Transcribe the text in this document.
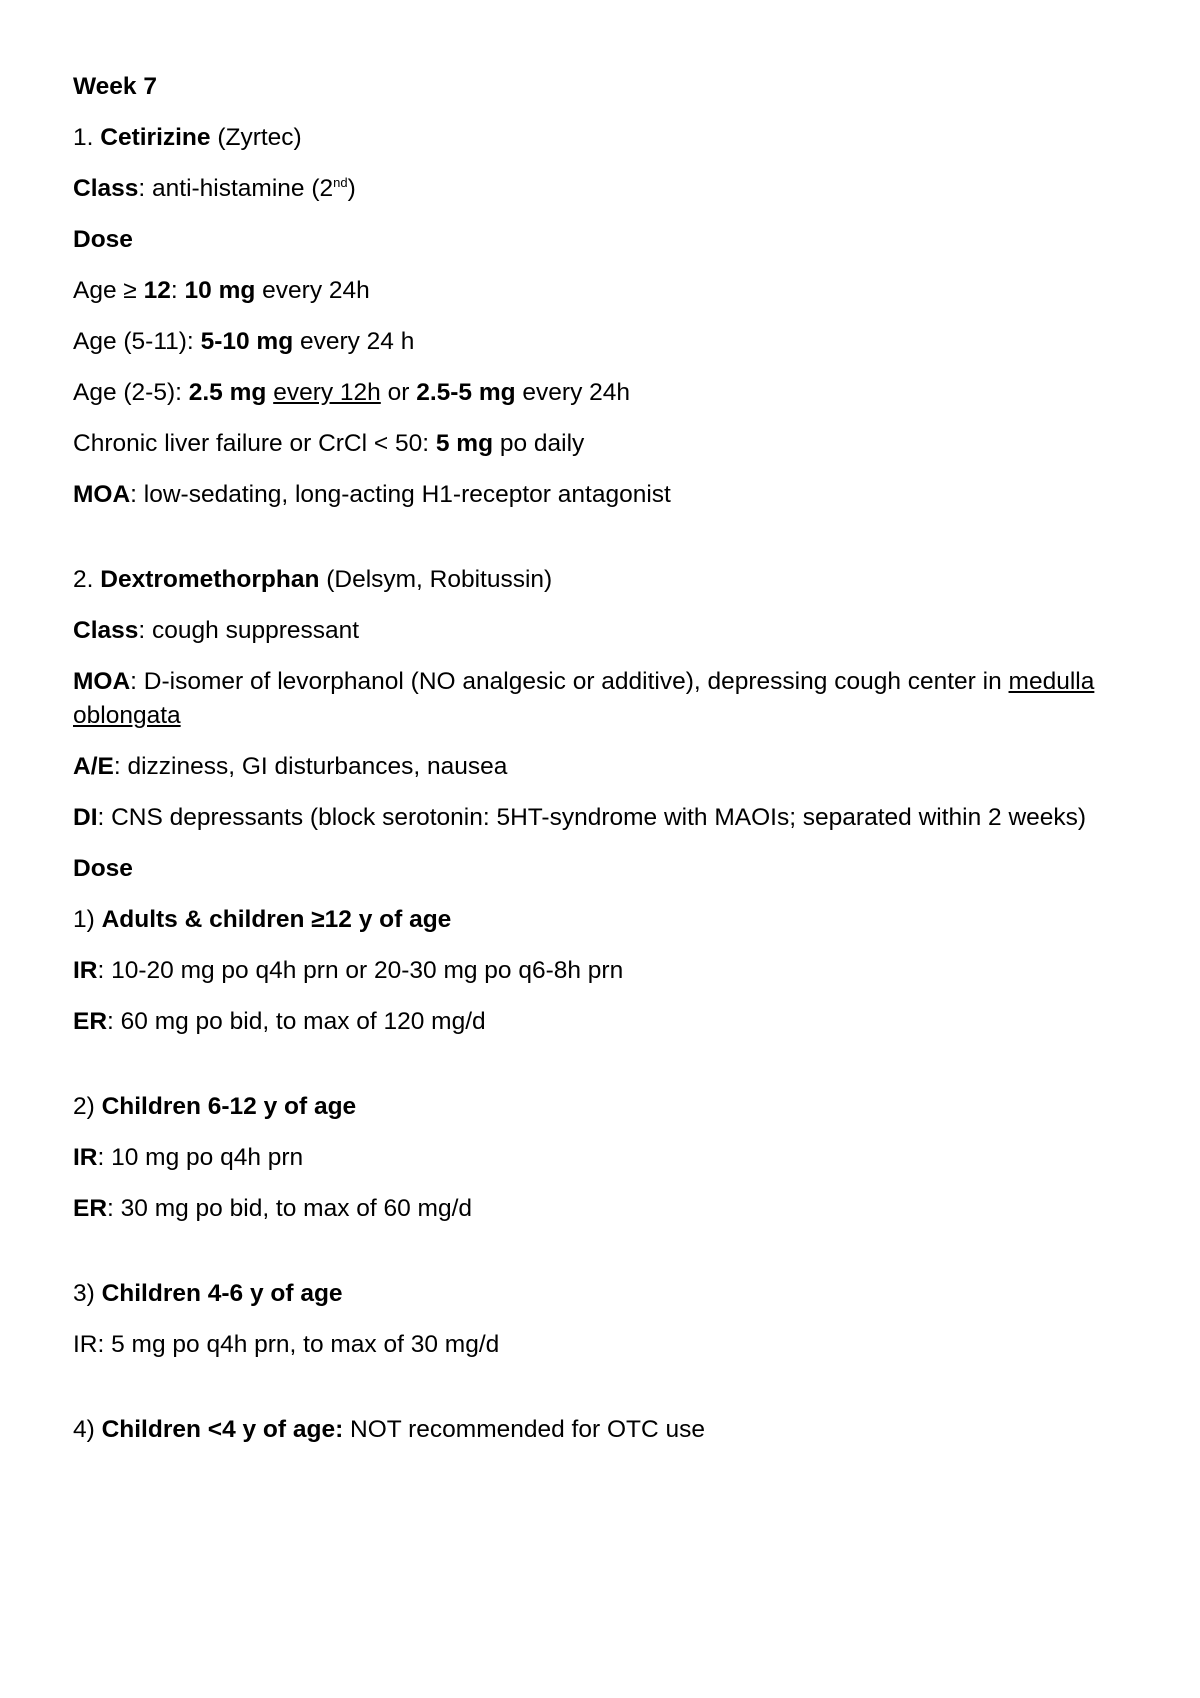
Week 7

1. Cetirizine (Zyrtec)

Class: anti-histamine (2nd)

Dose

Age ≥ 12: 10 mg every 24h

Age (5-11): 5-10 mg every 24 h

Age (2-5): 2.5 mg every 12h or 2.5-5 mg every 24h

Chronic liver failure or CrCl < 50: 5 mg po daily

MOA: low-sedating, long-acting H1-receptor antagonist

2. Dextromethorphan (Delsym, Robitussin)

Class: cough suppressant

MOA: D-isomer of levorphanol (NO analgesic or additive), depressing cough center in medulla oblongata

A/E: dizziness, GI disturbances, nausea

DI: CNS depressants (block serotonin: 5HT-syndrome with MAOIs; separated within 2 weeks)

Dose

1) Adults & children ≥12 y of age

IR: 10-20 mg po q4h prn or 20-30 mg po q6-8h prn

ER: 60 mg po bid, to max of 120 mg/d

2) Children 6-12 y of age

IR: 10 mg po q4h prn

ER: 30 mg po bid, to max of 60 mg/d

3) Children 4-6 y of age

IR: 5 mg po q4h prn, to max of 30 mg/d

4) Children <4 y of age: NOT recommended for OTC use
